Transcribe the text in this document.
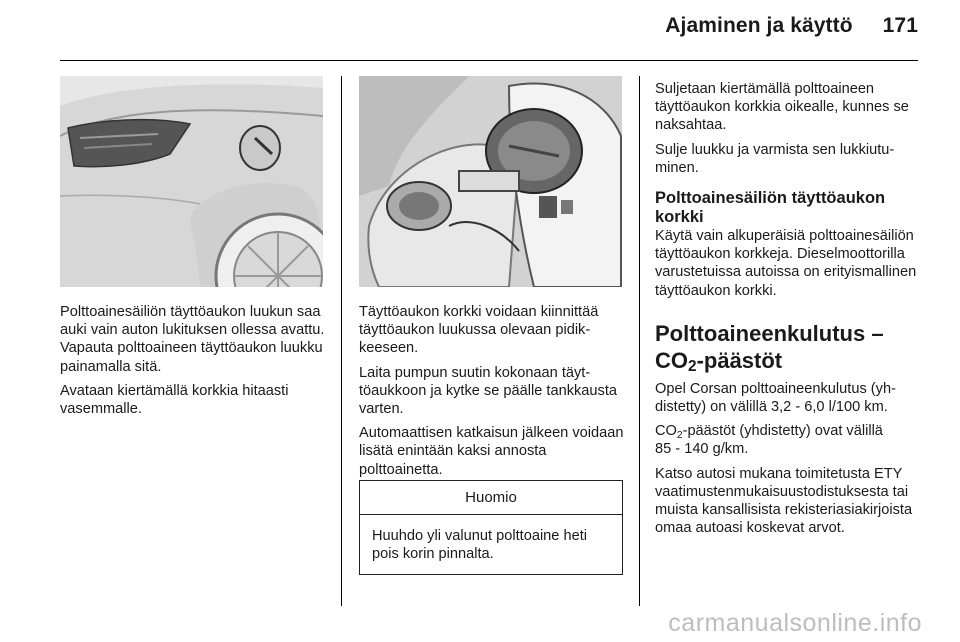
Ajaminen ja käyttö 171

Polttoainesäiliön täyttöaukon luukun saa auki vain auton lukituksen ollessa avattu. Vapauta polttoaineen täyttöaukon luukku painamalla sitä.

Avataan kiertämällä korkkia hitaasti vasemmalle.

Täyttöaukon korkki voidaan kiinnittää täyttöaukon luukussa olevaan pidikkeeseen.

Laita pumpun suutin kokonaan täyttöaukkoon ja kytke se päälle tankkausta varten.

Automaattisen katkaisun jälkeen voidaan lisätä enintään kaksi annosta polttoainetta.

Huomio
Huuhdo yli valunut polttoaine heti pois korin pinnalta.

Suljetaan kiertämällä polttoaineen täyttöaukon korkkia oikealle, kunnes se naksahtaa.

Sulje luukku ja varmista sen lukkiutuminen.

Polttoainesäiliön täyttöaukon korkki

Käytä vain alkuperäisiä polttoainesäiliön täyttöaukon korkkeja. Dieselmoottorilla varustetuissa autoissa on erityismallinen täyttöaukon korkki.

Polttoaineenkulutus –
$CO_2$-päästöt

Opel Corsan polttoaineenkulutus (yhdistetty) on välillä 3,2 - 6,0 l/100 km.

$CO_2$-päästöt (yhdistetty) ovat välillä
85 - 140 g/km.

Katso autosi mukana toimitetusta ETY vaatimustenmukaisuustodistuksesta tai muista kansallisista rekisteriasiakirjoista omaa autoasi koskevat arvot.

carmanualsonline.info
